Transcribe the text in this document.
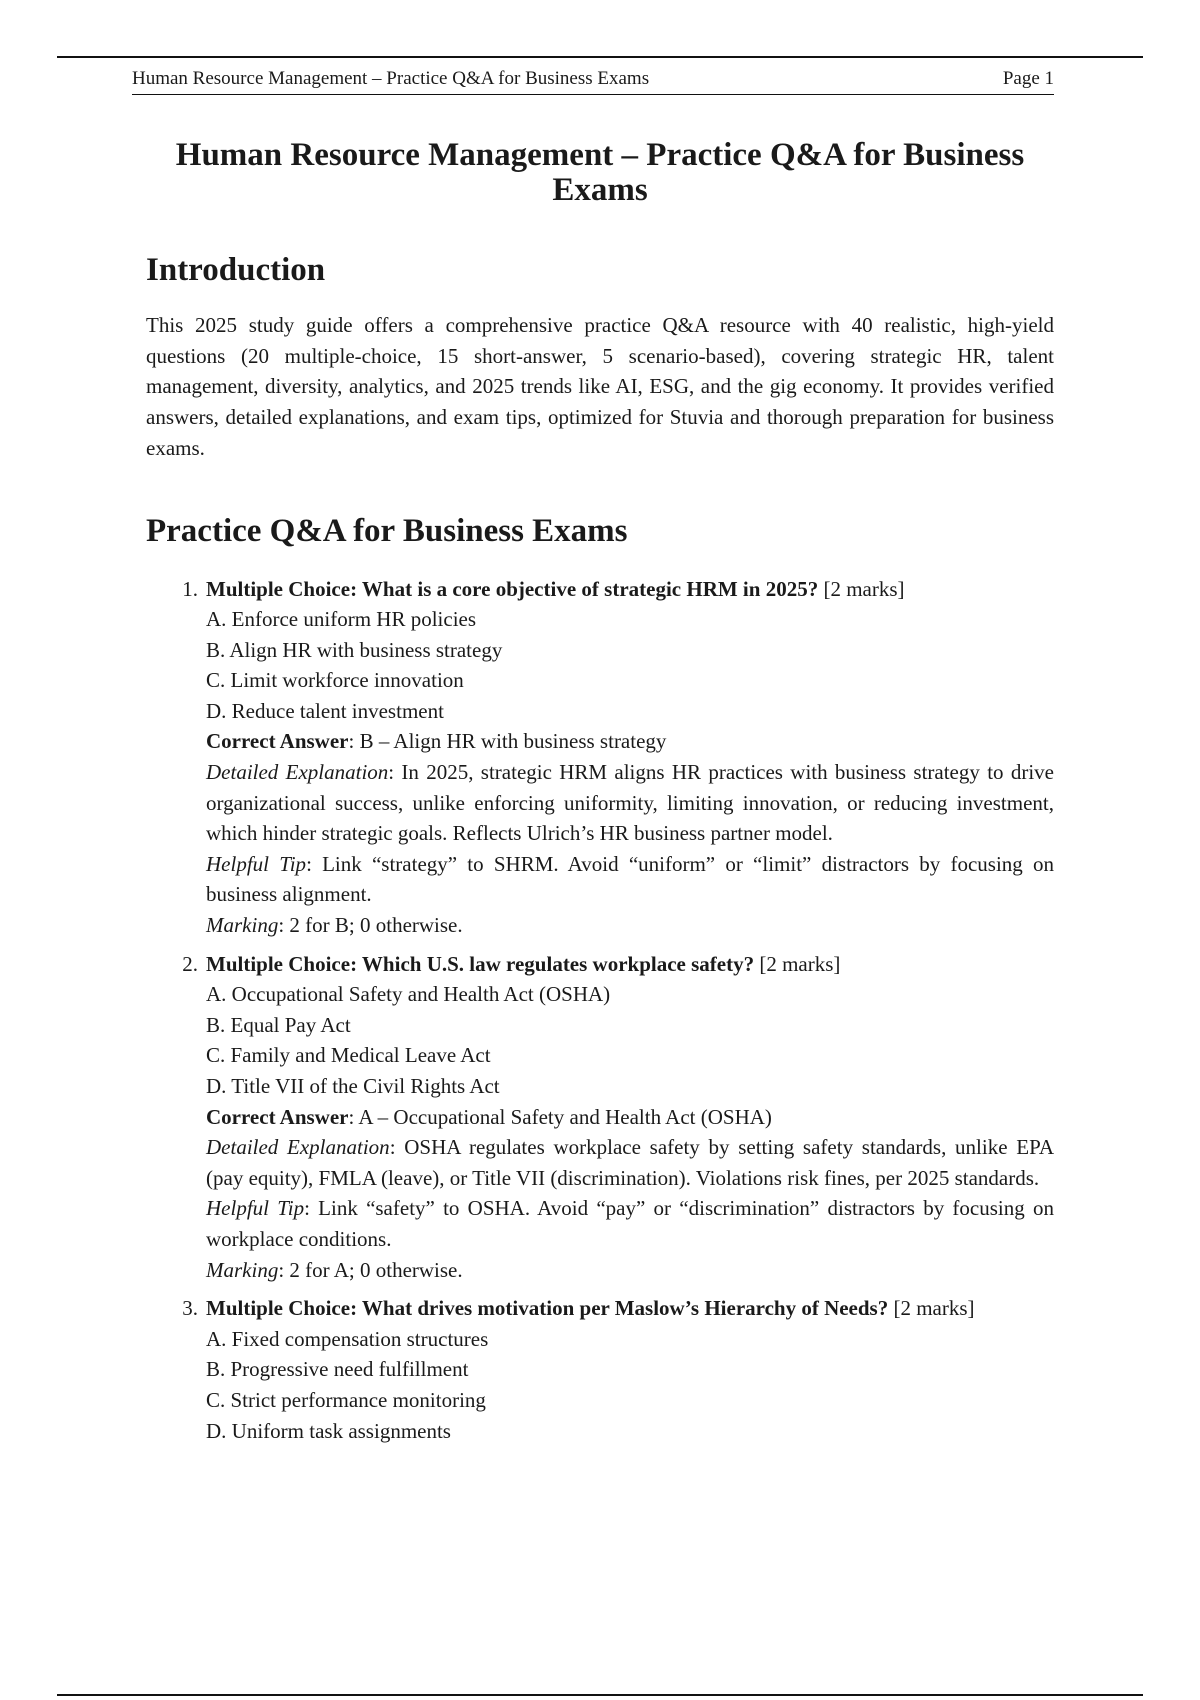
Human Resource Management – Practice Q&A for Business Exams	Page 1
Human Resource Management – Practice Q&A for Business Exams
Introduction

This 2025 study guide offers a comprehensive practice Q&A resource with 40 realistic, high-yield questions (20 multiple-choice, 15 short-answer, 5 scenario-based), covering strategic HR, talent management, diversity, analytics, and 2025 trends like AI, ESG, and the gig economy. It provides verified answers, detailed explanations, and exam tips, optimized for Stuvia and thorough preparation for business exams.

Practice Q&A for Business Exams
1. Multiple Choice: What is a core objective of strategic HRM in 2025? [2 marks]
A. Enforce uniform HR policies
B. Align HR with business strategy
C. Limit workforce innovation
D. Reduce talent investment
Correct Answer: B – Align HR with business strategy
Detailed Explanation: In 2025, strategic HRM aligns HR practices with business strategy to drive organizational success, unlike enforcing uniformity, limiting innovation, or reducing investment, which hinder strategic goals. Reflects Ulrich’s HR business partner model.
Helpful Tip: Link “strategy” to SHRM. Avoid “uniform” or “limit” distractors by focusing on business alignment.
Marking: 2 for B; 0 otherwise.
2. Multiple Choice: Which U.S. law regulates workplace safety? [2 marks]
A. Occupational Safety and Health Act (OSHA)
B. Equal Pay Act
C. Family and Medical Leave Act
D. Title VII of the Civil Rights Act
Correct Answer: A – Occupational Safety and Health Act (OSHA)
Detailed Explanation: OSHA regulates workplace safety by setting safety standards, unlike EPA (pay equity), FMLA (leave), or Title VII (discrimination). Violations risk fines, per 2025 standards.
Helpful Tip: Link “safety” to OSHA. Avoid “pay” or “discrimination” distractors by focusing on workplace conditions.
Marking: 2 for A; 0 otherwise.
3. Multiple Choice: What drives motivation per Maslow’s Hierarchy of Needs? [2 marks]
A. Fixed compensation structures
B. Progressive need fulfillment
C. Strict performance monitoring
D. Uniform task assignments
